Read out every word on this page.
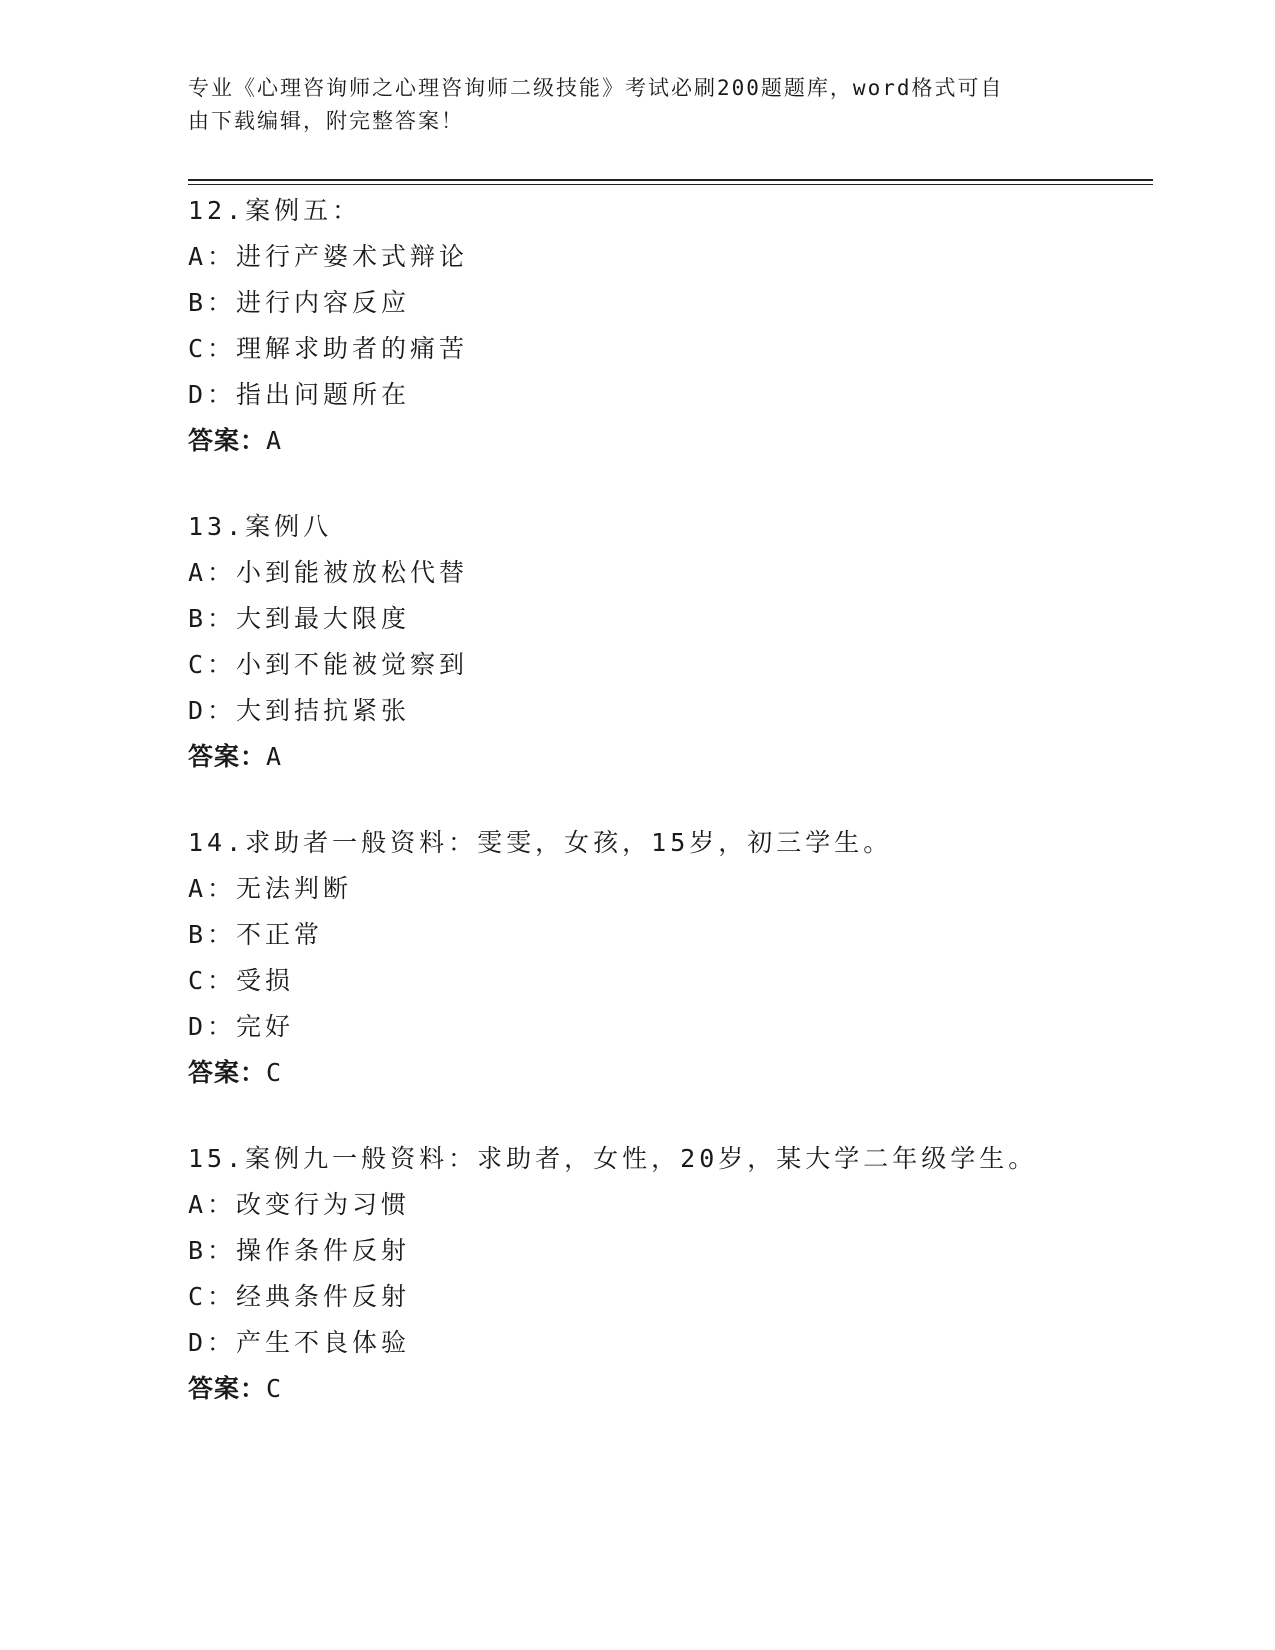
专业《心理咨询师之心理咨询师二级技能》考试必刷200题题库，word格式可自
由下载编辑，附完整答案！
12.案例五：
A：进行产婆术式辩论
B：进行内容反应
C：理解求助者的痛苦
D：指出问题所在
答案：A
13.案例八
A：小到能被放松代替
B：大到最大限度
C：小到不能被觉察到
D：大到拮抗紧张
答案：A
14.求助者一般资料：雯雯，女孩，15岁，初三学生。
A：无法判断
B：不正常
C：受损
D：完好
答案：C
15.案例九一般资料：求助者，女性，20岁，某大学二年级学生。
A：改变行为习惯
B：操作条件反射
C：经典条件反射
D：产生不良体验
答案：C
